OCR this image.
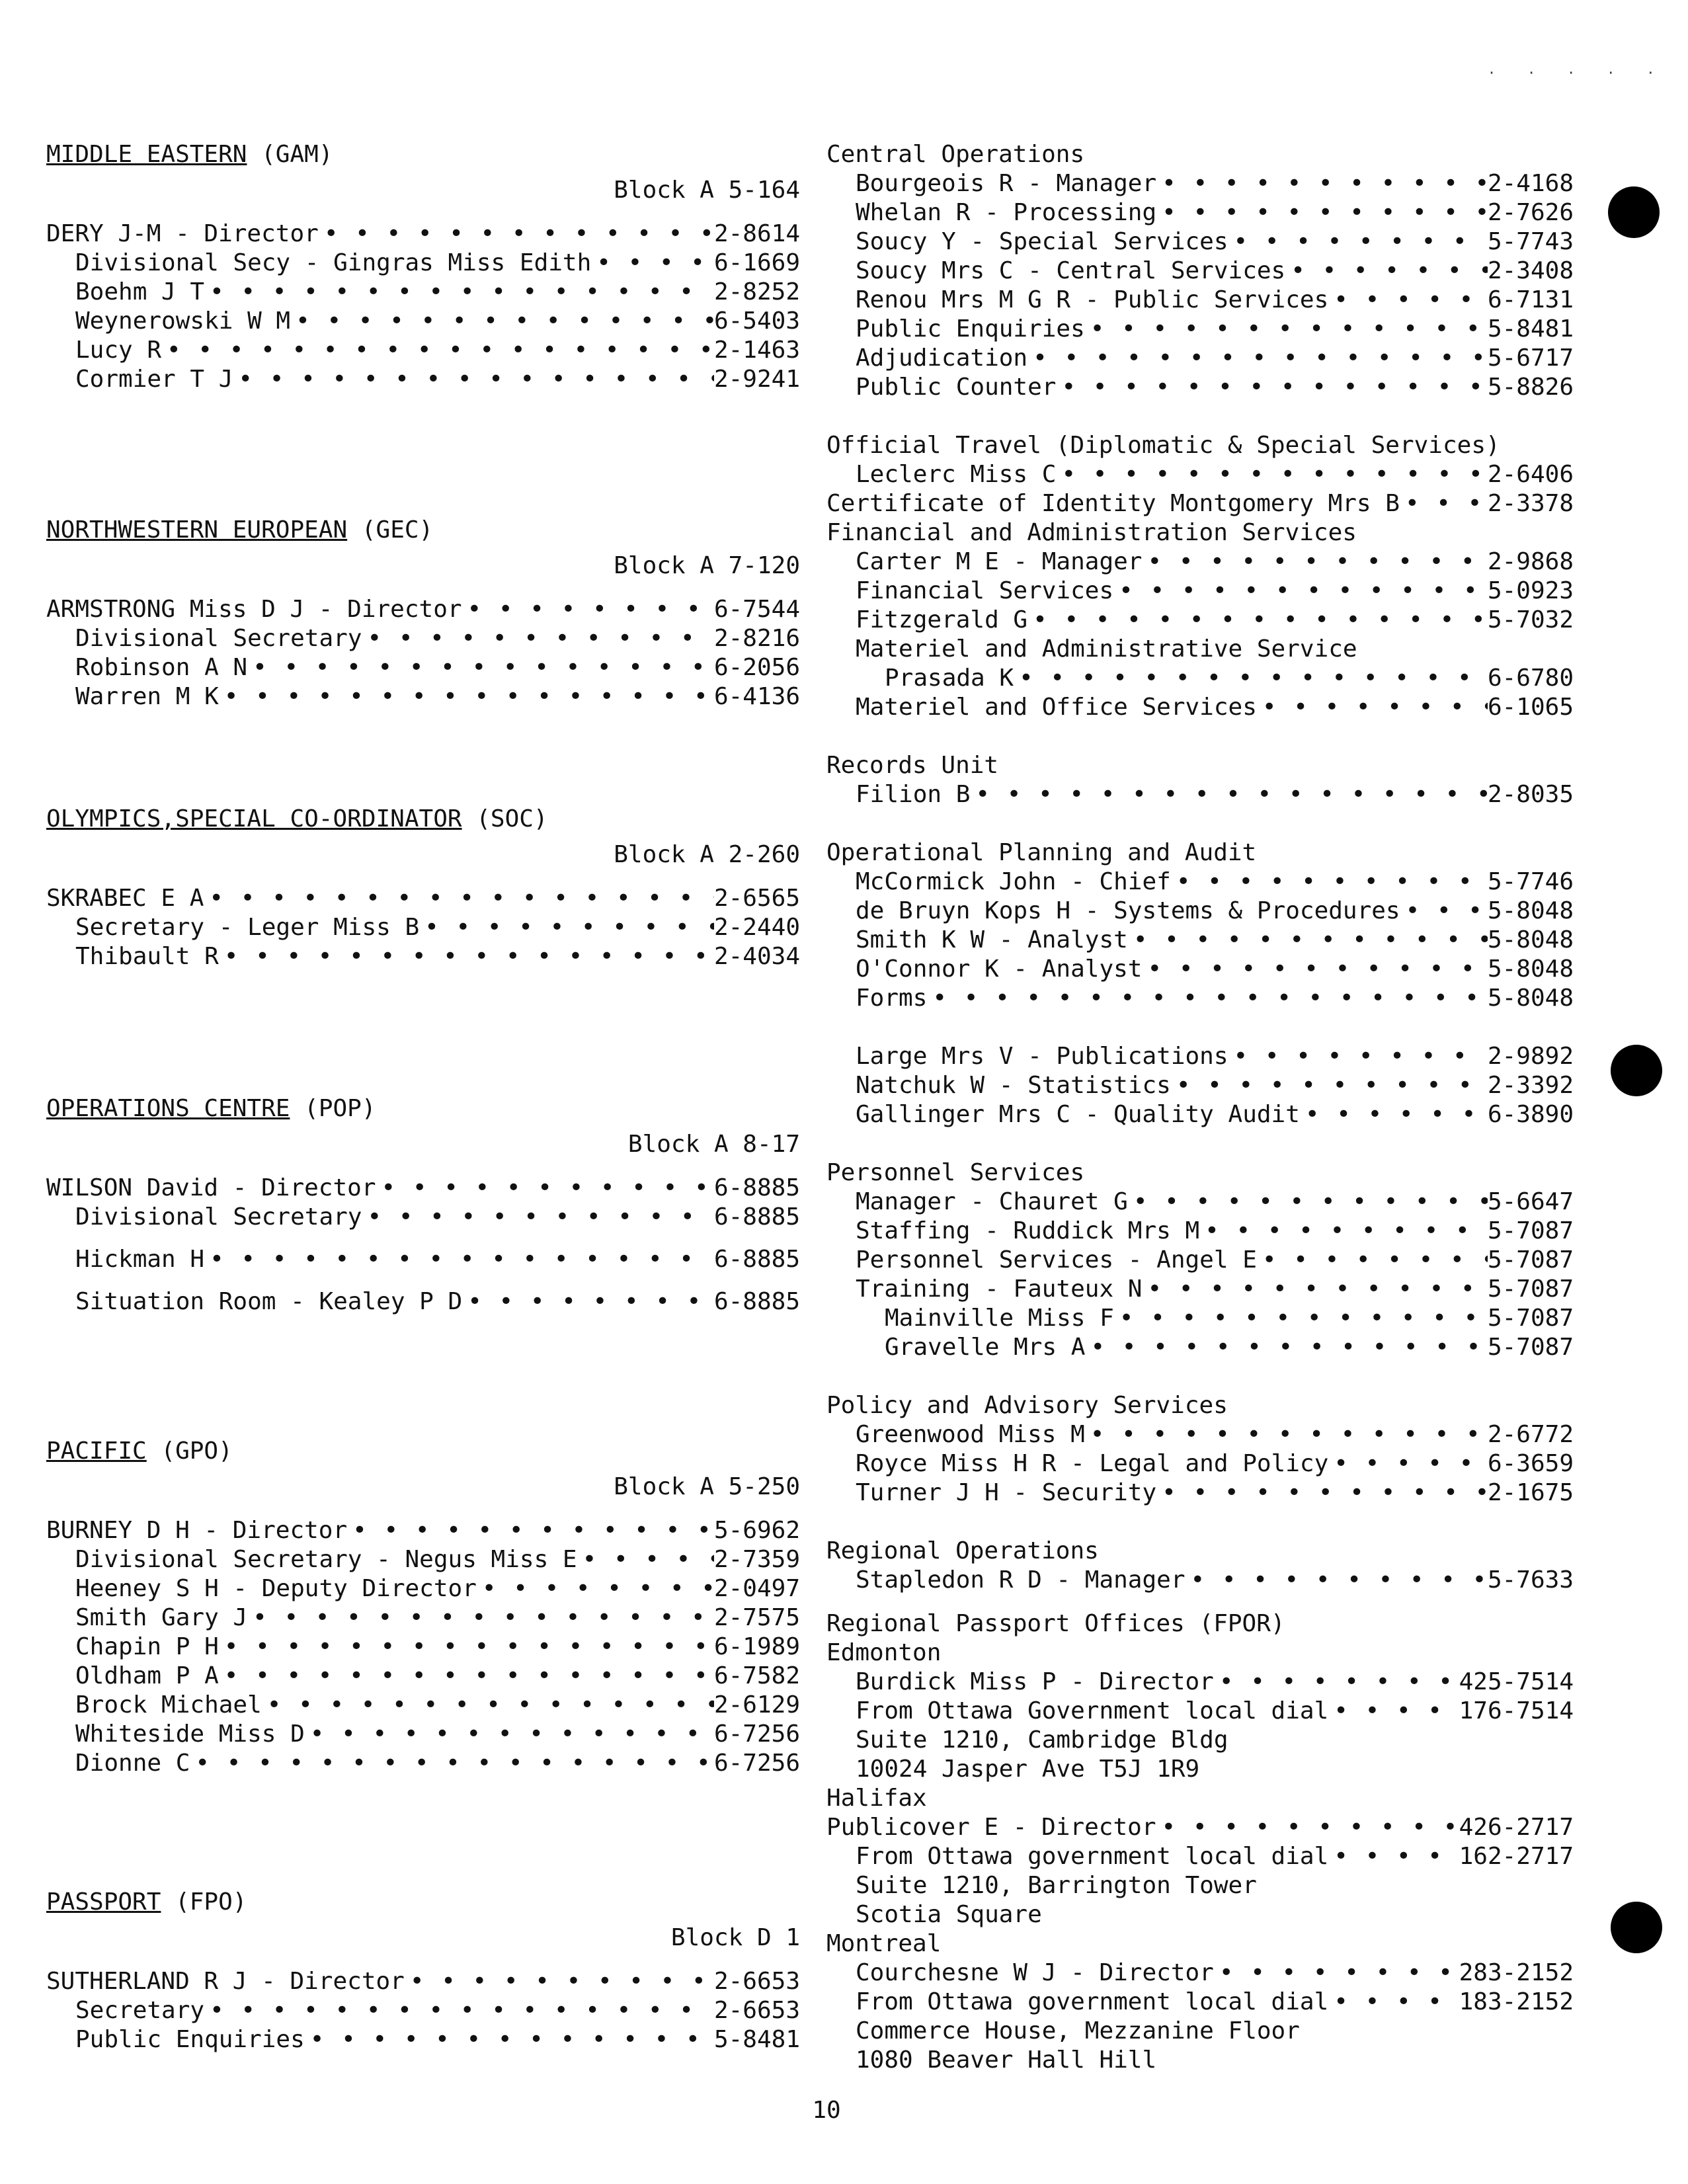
· · · · ·
MIDDLE EASTERN (GAM)
Block A 5-164
DERY J-M - Director • • •	2-8614
Divisional Secy - Gingras Miss Edith • • •	6-1669
Boehm J T • • •	2-8252
Weynerowski W M • • •	6-5403
Lucy R • • •	2-1463
Cormier T J • • •	2-9241
NORTHWESTERN EUROPEAN (GEC)
Block A 7-120
ARMSTRONG Miss D J - Director • • •	6-7544
Divisional Secretary • • •	2-8216
Robinson A N • • •	6-2056
Warren M K • • •	6-4136
OLYMPICS,SPECIAL CO-ORDINATOR (SOC)
Block A 2-260
SKRABEC E A • • •	2-6565
Secretary - Leger Miss B • • •	2-2440
Thibault R • • •	2-4034
OPERATIONS CENTRE (POP)
Block A 8-17
WILSON David - Director • • •	6-8885
Divisional Secretary • • •	6-8885
Hickman H • • •	6-8885
Situation Room - Kealey P D • • •	6-8885
PACIFIC (GPO)
Block A 5-250
BURNEY D H - Director • • •	5-6962
Divisional Secretary - Negus Miss E • • •	2-7359
Heeney S H - Deputy Director • • •	2-0497
Smith Gary J • • •	2-7575
Chapin P H • • •	6-1989
Oldham P A • • •	6-7582
Brock Michael • • •	2-6129
Whiteside Miss D • • •	6-7256
Dionne C • • •	6-7256
PASSPORT (FPO)
Block D 1
SUTHERLAND R J - Director • • •	2-6653
Secretary • • •	2-6653
Public Enquiries • • •	5-8481
Central Operations
Bourgeois R - Manager • • •	2-4168
Whelan R - Processing • • •	2-7626
Soucy Y - Special Services • • •	5-7743
Soucy Mrs C - Central Services • • •	2-3408
Renou Mrs M G R - Public Services • • •	6-7131
Public Enquiries • • •	5-8481
Adjudication • • •	5-6717
Public Counter • • •	5-8826
Official Travel (Diplomatic & Special Services)
Leclerc Miss C • • •	2-6406
Certificate of Identity Montgomery Mrs B • • •	2-3378
Financial and Administration Services
Carter M E - Manager • • •	2-9868
Financial Services • • •	5-0923
Fitzgerald G • • •	5-7032
Materiel and Administrative Service
Prasada K • • •	6-6780
Materiel and Office Services • • •	6-1065
Records Unit
Filion B • • •	2-8035
Operational Planning and Audit
McCormick John - Chief • • •	5-7746
de Bruyn Kops H - Systems & Procedures • • •	5-8048
Smith K W - Analyst • • •	5-8048
O'Connor K - Analyst • • •	5-8048
Forms • • •	5-8048
Large Mrs V - Publications • • •	2-9892
Natchuk W - Statistics • • •	2-3392
Gallinger Mrs C - Quality Audit • • •	6-3890
Personnel Services
Manager - Chauret G • • •	5-6647
Staffing - Ruddick Mrs M • • •	5-7087
Personnel Services - Angel E • • •	5-7087
Training - Fauteux N • • •	5-7087
Mainville Miss F • • •	5-7087
Gravelle Mrs A • • •	5-7087
Policy and Advisory Services
Greenwood Miss M • • •	2-6772
Royce Miss H R - Legal and Policy • • •	6-3659
Turner J H - Security • • •	2-1675
Regional Operations
Stapledon R D - Manager • • •	5-7633
Regional Passport Offices (FPOR)
Edmonton
Burdick Miss P - Director • • •	425-7514
From Ottawa Government local dial • • •	176-7514
Suite 1210, Cambridge Bldg
10024 Jasper Ave T5J 1R9
Halifax
Publicover E - Director • • •	426-2717
From Ottawa government local dial • • •	162-2717
Suite 1210, Barrington Tower
Scotia Square
Montreal
Courchesne W J - Director • • •	283-2152
From Ottawa government local dial • • •	183-2152
Commerce House, Mezzanine Floor
1080 Beaver Hall Hill
10
